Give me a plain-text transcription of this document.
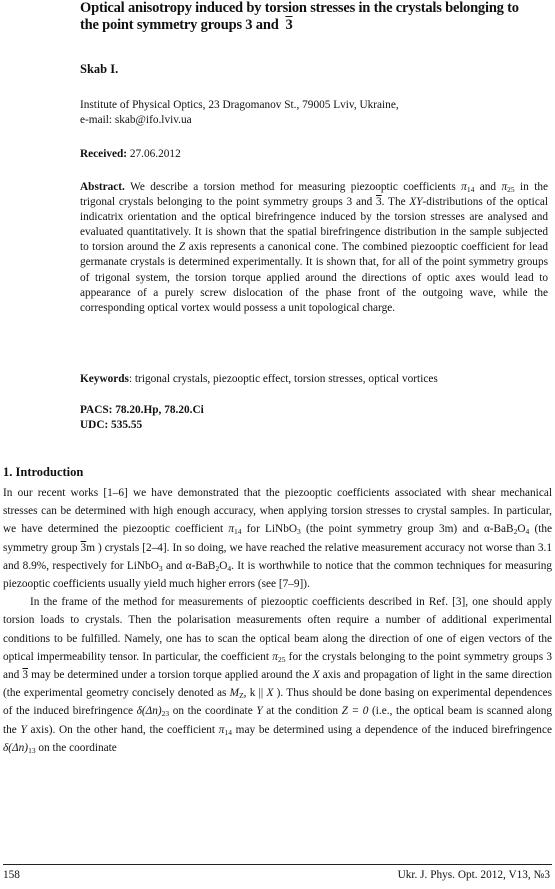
Optical anisotropy induced by torsion stresses in the crystals belonging to the point symmetry groups 3 and 3

Skab I.

Institute of Physical Optics, 23 Dragomanov St., 79005 Lviv, Ukraine,
e-mail: skab@ifo.lviv.ua

Received: 27.06.2012

Abstract. We describe a torsion method for measuring piezooptic coefficients $\pi_{14}$ and $\pi_{25}$ in the trigonal crystals belonging to the point symmetry groups 3 and 3. The XY-distributions of the optical indicatrix orientation and the optical birefringence induced by the torsion stresses are analysed and evaluated quantitatively. It is shown that the spatial birefringence distribution in the sample subjected to torsion around the Z axis represents a canonical cone. The combined piezooptic coefficient for lead germanate crystals is determined experimentally. It is shown that, for all of the point symmetry groups of trigonal system, the torsion torque applied around the directions of optic axes would lead to appearance of a purely screw dislocation of the phase front of the outgoing wave, while the corresponding optical vortex would possess a unit topological charge.

Keywords: trigonal crystals, piezooptic effect, torsion stresses, optical vortices

PACS: 78.20.Hp, 78.20.Ci
UDC: 535.55

1. Introduction

In our recent works [1–6] we have demonstrated that the piezooptic coefficients associated with shear mechanical stresses can be determined with high enough accuracy, when applying torsion stresses to crystal samples. In particular, we have determined the piezooptic coefficient $\pi_{14}$ for LiNbO$_3$ (the point symmetry group 3m) and $\alpha-BaB_2O_4$ (the symmetry group 3m ) crystals [2–4]. In so doing, we have reached the relative measurement accuracy not worse than 3.1 and 8.9%, respectively for LiNbO$_3$ and $\alpha-BaB_2O_4$. It is worthwhile to notice that the common techniques for measuring piezooptic coefficients usually yield much higher errors (see [7–9]).

In the frame of the method for measurements of piezooptic coefficients described in Ref. [3], one should apply torsion loads to crystals. Then the polarisation measurements often require a number of additional experimental conditions to be fulfilled. Namely, one has to scan the optical beam along the direction of one of eigen vectors of the optical impermeability tensor. In particular, the coefficient $\pi_{25}$ for the crystals belonging to the point symmetry groups 3 and 3 may be determined under a torsion torque applied around the X axis and propagation of light in the same direction (the experimental geometry concisely denoted as $M_Z$, k || X ). Thus should be done basing on experimental dependences of the induced birefringence $\delta(\Delta n)_{23}$ on the coordinate Y at the condition Z = 0 (i.e., the optical beam is scanned along the Y axis). On the other hand, the coefficient $\pi_{14}$ may be determined using a dependence of the induced birefringence $\delta(\Delta n)_{13}$ on the coordinate

158	Ukr. J. Phys. Opt. 2012, V13, №3
